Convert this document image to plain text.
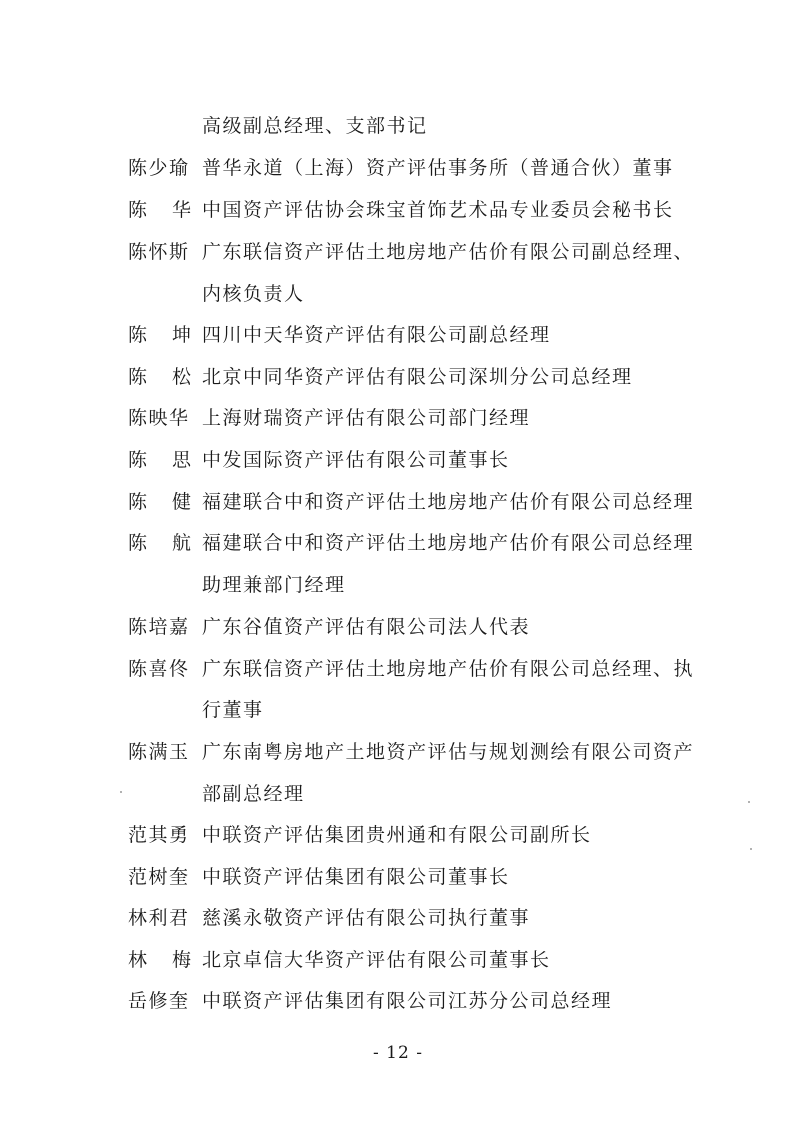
高级副总经理、支部书记
陈少瑜 普华永道（上海）资产评估事务所（普通合伙）董事
陈华
中国资产评估协会珠宝首饰艺术品专业委员会秘书长
陈怀斯 广东联信资产评估土地房地产估价有限公司副总经理、
内核负责人
陈坤
四川中天华资产评估有限公司副总经理
陈松
北京中同华资产评估有限公司深圳分公司总经理
陈映华 上海财瑞资产评估有限公司部门经理
陈思
中发国际资产评估有限公司董事长
陈健
福建联合中和资产评估土地房地产估价有限公司总经理
陈航
福建联合中和资产评估土地房地产估价有限公司总经理
助理兼部门经理
陈培嘉 广东谷值资产评估有限公司法人代表
陈喜佟 广东联信资产评估土地房地产估价有限公司总经理、执
行董事
陈满玉 广东南粤房地产土地资产评估与规划测绘有限公司资产
部副总经理
范其勇 中联资产评估集团贵州通和有限公司副所长
范树奎 中联资产评估集团有限公司董事长
林利君 慈溪永敬资产评估有限公司执行董事
林梅
北京卓信大华资产评估有限公司董事长
岳修奎 中联资产评估集团有限公司江苏分公司总经理
- 12 -
